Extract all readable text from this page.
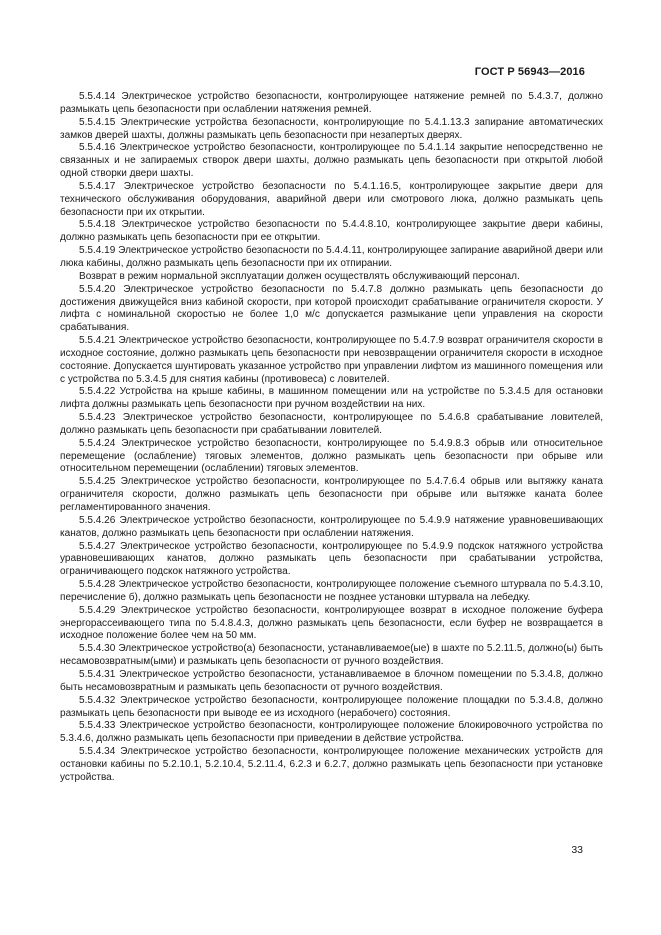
ГОСТ Р 56943—2016

5.5.4.14 Электрическое устройство безопасности, контролирующее натяжение ремней по 5.4.3.7, должно размыкать цепь безопасности при ослаблении натяжения ремней.

5.5.4.15 Электрические устройства безопасности, контролирующие по 5.4.1.13.3 запирание автоматических замков дверей шахты, должны размыкать цепь безопасности при незапертых дверях.

5.5.4.16 Электрическое устройство безопасности, контролирующее по 5.4.1.14 закрытие непосредственно не связанных и не запираемых створок двери шахты, должно размыкать цепь безопасности при открытой любой одной створки двери шахты.

5.5.4.17 Электрическое устройство безопасности по 5.4.1.16.5, контролирующее закрытие двери для технического обслуживания оборудования, аварийной двери или смотрового люка, должно размыкать цепь безопасности при их открытии.

5.5.4.18 Электрическое устройство безопасности по 5.4.4.8.10, контролирующее закрытие двери кабины, должно размыкать цепь безопасности при ее открытии.

5.5.4.19 Электрическое устройство безопасности по 5.4.4.11, контролирующее запирание аварийной двери или люка кабины, должно размыкать цепь безопасности при их отпирании.

Возврат в режим нормальной эксплуатации должен осуществлять обслуживающий персонал.

5.5.4.20 Электрическое устройство безопасности по 5.4.7.8 должно размыкать цепь безопасности до достижения движущейся вниз кабиной скорости, при которой происходит срабатывание ограничителя скорости. У лифта с номинальной скоростью не более 1,0 м/с допускается размыкание цепи управления на скорости срабатывания.

5.5.4.21 Электрическое устройство безопасности, контролирующее по 5.4.7.9 возврат ограничителя скорости в исходное состояние, должно размыкать цепь безопасности при невозвращении ограничителя скорости в исходное состояние. Допускается шунтировать указанное устройство при управлении лифтом из машинного помещения или с устройства по 5.3.4.5 для снятия кабины (противовеса) с ловителей.

5.5.4.22 Устройства на крыше кабины, в машинном помещении или на устройстве по 5.3.4.5 для остановки лифта должны размыкать цепь безопасности при ручном воздействии на них.

5.5.4.23 Электрическое устройство безопасности, контролирующее по 5.4.6.8 срабатывание ловителей, должно размыкать цепь безопасности при срабатывании ловителей.

5.5.4.24 Электрическое устройство безопасности, контролирующее по 5.4.9.8.3 обрыв или относительное перемещение (ослабление) тяговых элементов, должно размыкать цепь безопасности при обрыве или относительном перемещении (ослаблении) тяговых элементов.

5.5.4.25 Электрическое устройство безопасности, контролирующее по 5.4.7.6.4 обрыв или вытяжку каната ограничителя скорости, должно размыкать цепь безопасности при обрыве или вытяжке каната более регламентированного значения.

5.5.4.26 Электрическое устройство безопасности, контролирующее по 5.4.9.9 натяжение уравновешивающих канатов, должно размыкать цепь безопасности при ослаблении натяжения.

5.5.4.27 Электрическое устройство безопасности, контролирующее по 5.4.9.9 подскок натяжного устройства уравновешивающих канатов, должно размыкать цепь безопасности при срабатывании устройства, ограничивающего подскок натяжного устройства.

5.5.4.28 Электрическое устройство безопасности, контролирующее положение съемного штурвала по 5.4.3.10, перечисление б), должно размыкать цепь безопасности не позднее установки штурвала на лебедку.

5.5.4.29 Электрическое устройство безопасности, контролирующее возврат в исходное положение буфера энергорассеивающего типа по 5.4.8.4.3, должно размыкать цепь безопасности, если буфер не возвращается в исходное положение более чем на 50 мм.

5.5.4.30 Электрическое устройство(а) безопасности, устанавливаемое(ые) в шахте по 5.2.11.5, должно(ы) быть несамовозвратным(ыми) и размыкать цепь безопасности от ручного воздействия.

5.5.4.31 Электрическое устройство безопасности, устанавливаемое в блочном помещении по 5.3.4.8, должно быть несамовозвратным и размыкать цепь безопасности от ручного воздействия.

5.5.4.32 Электрическое устройство безопасности, контролирующее положение площадки по 5.3.4.8, должно размыкать цепь безопасности при выводе ее из исходного (нерабочего) состояния.

5.5.4.33 Электрическое устройство безопасности, контролирующее положение блокировочного устройства по 5.3.4.6, должно размыкать цепь безопасности при приведении в действие устройства.

5.5.4.34 Электрическое устройство безопасности, контролирующее положение механических устройств для остановки кабины по 5.2.10.1, 5.2.10.4, 5.2.11.4, 6.2.3 и 6.2.7, должно размыкать цепь безопасности при установке устройства.

33
